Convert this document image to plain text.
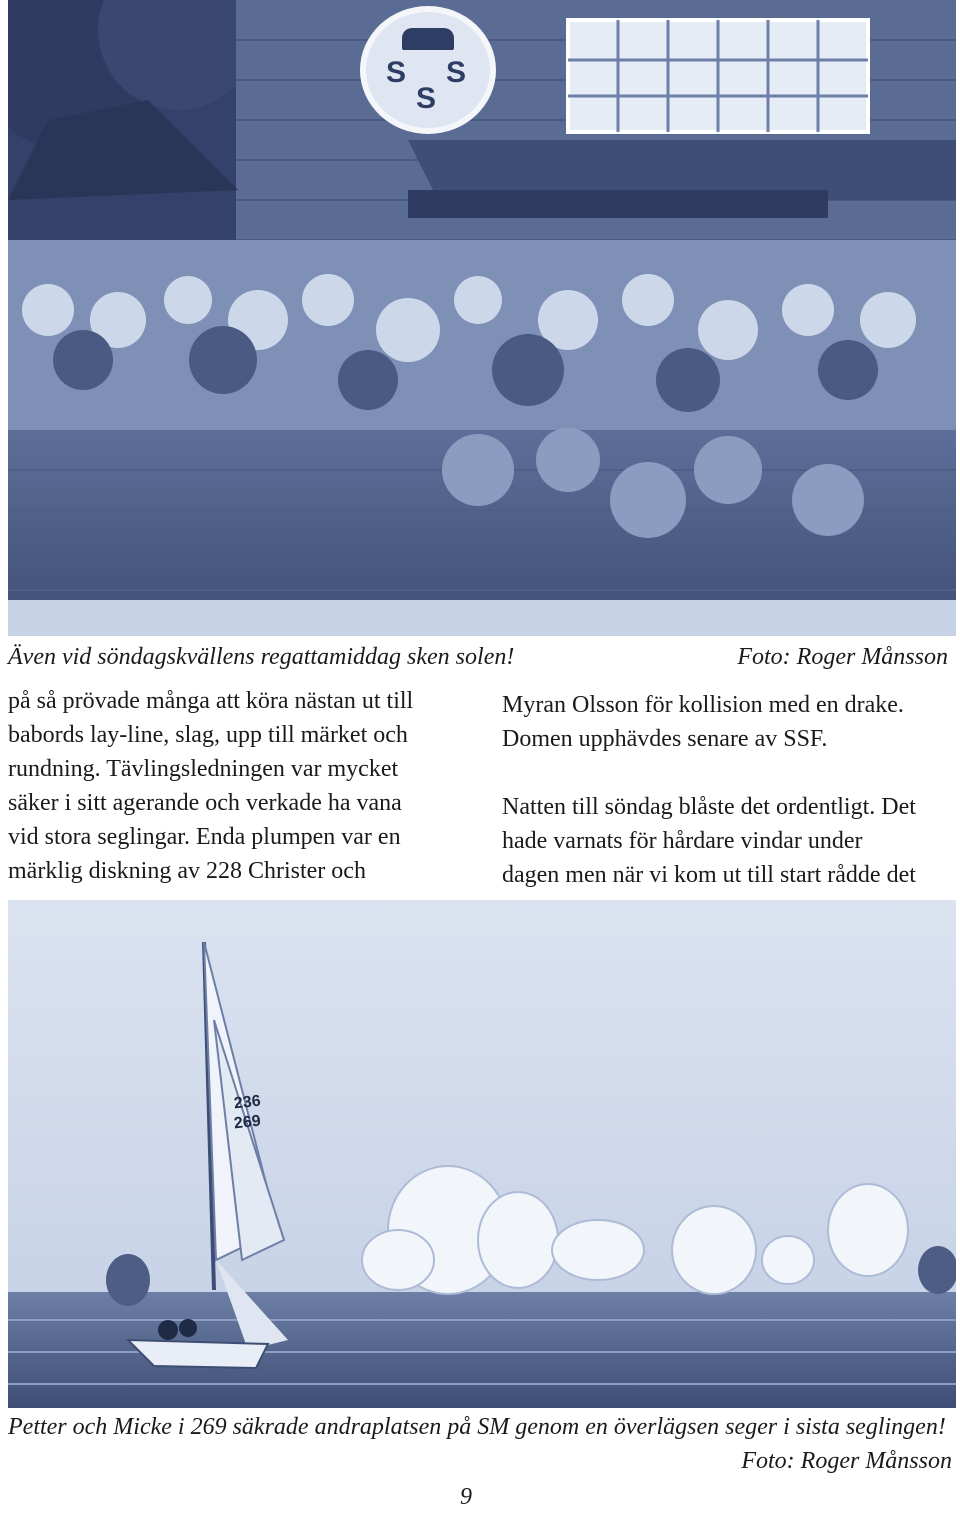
S S
S
Även vid söndagskvällens regattamiddag sken solen!	Foto: Roger Månsson

på så prövade många att köra nästan ut till

babords lay-line, slag, upp till märket och

rundning. Tävlingsledningen var mycket

säker i sitt agerande och verkade ha vana

vid stora seglingar. Enda plumpen var en

märklig diskning av 228 Christer och

Myran Olsson för kollision med en drake.

Domen upphävdes senare av SSF.

Natten till söndag blåste det ordentligt. Det

hade varnats för hårdare vindar under

dagen men när vi kom ut till start rådde det

236
269
Petter och Micke i 269 säkrade andraplatsen på SM genom en överlägsen seger i sista seglingen!
Foto: Roger Månsson
9
